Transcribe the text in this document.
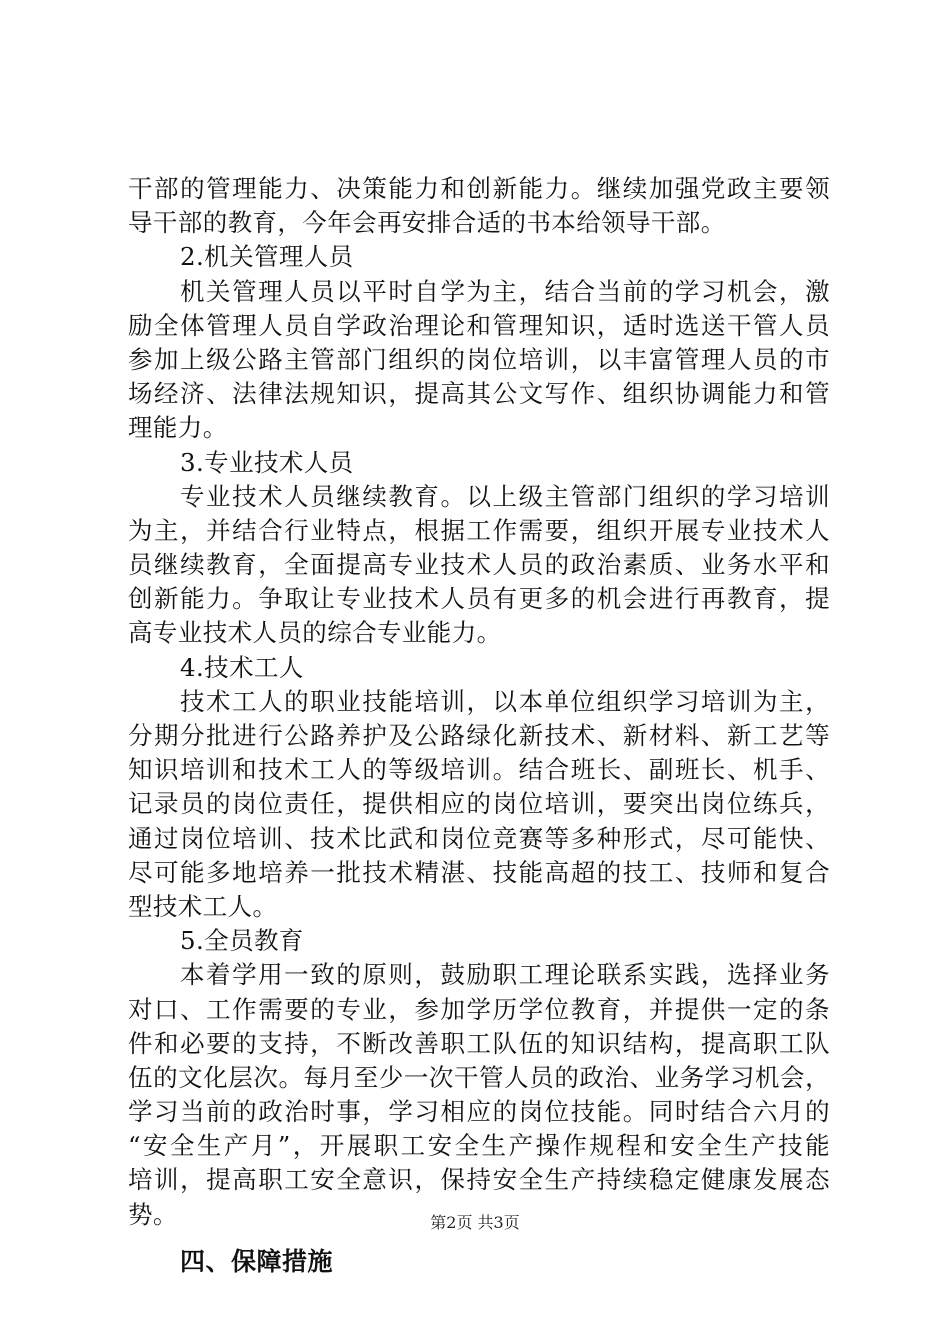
干部的管理能力、决策能力和创新能力。继续加强党政主要领
导干部的教育，今年会再安排合适的书本给领导干部。
2.机关管理人员
机关管理人员以平时自学为主，结合当前的学习机会，激
励全体管理人员自学政治理论和管理知识，适时选送干管人员
参加上级公路主管部门组织的岗位培训，以丰富管理人员的市
场经济、法律法规知识，提高其公文写作、组织协调能力和管
理能力。
3.专业技术人员
专业技术人员继续教育。以上级主管部门组织的学习培训
为主，并结合行业特点，根据工作需要，组织开展专业技术人
员继续教育，全面提高专业技术人员的政治素质、业务水平和
创新能力。争取让专业技术人员有更多的机会进行再教育，提
高专业技术人员的综合专业能力。
4.技术工人
技术工人的职业技能培训，以本单位组织学习培训为主，
分期分批进行公路养护及公路绿化新技术、新材料、新工艺等
知识培训和技术工人的等级培训。结合班长、副班长、机手、
记录员的岗位责任，提供相应的岗位培训，要突出岗位练兵，
通过岗位培训、技术比武和岗位竞赛等多种形式，尽可能快、
尽可能多地培养一批技术精湛、技能高超的技工、技师和复合
型技术工人。
5.全员教育
本着学用一致的原则，鼓励职工理论联系实践，选择业务
对口、工作需要的专业，参加学历学位教育，并提供一定的条
件和必要的支持，不断改善职工队伍的知识结构，提高职工队
伍的文化层次。每月至少一次干管人员的政治、业务学习机会，
学习当前的政治时事，学习相应的岗位技能。同时结合六月的
“安全生产月”，开展职工安全生产操作规程和安全生产技能
培训，提高职工安全意识，保持安全生产持续稳定健康发展态
势。
四、保障措施
第2页 共3页
